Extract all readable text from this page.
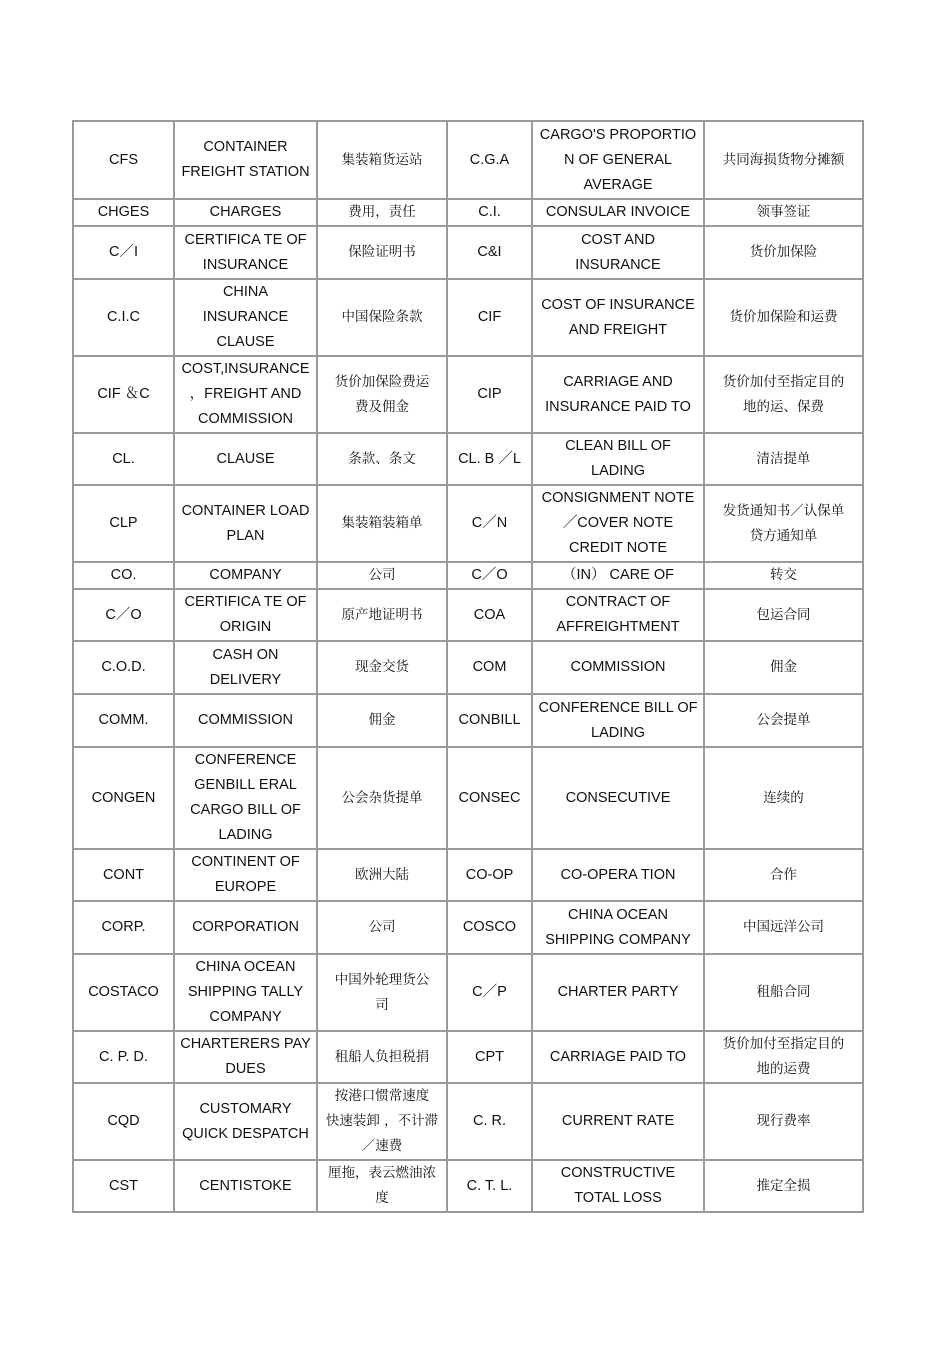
CFS	CONTAINER
FREIGHT STATION	集装箱货运站	C.G.A	CARGO'S PROPORTIO
N OF GENERAL
AVERAGE	共同海损货物分摊额
CHGES	CHARGES	费用，责任	C.I.	CONSULAR INVOICE	领事签证
C／I	CERTIFICA TE OF
INSURANCE	保险证明书	C&I	COST AND
INSURANCE	货价加保险
C.I.C	CHINA
INSURANCE
CLAUSE	中国保险条款	CIF	COST OF INSURANCE
AND FREIGHT	货价加保险和运费
CIF ＆C	COST,INSURANCE
，FREIGHT AND
COMMISSION	货价加保险费运
费及佣金	CIP	CARRIAGE AND
INSURANCE PAID TO	货价加付至指定目的
地的运、保费
CL.	CLAUSE	条款、条文	CL. B ／L	CLEAN BILL OF
LADING	清洁提单
CLP	CONTAINER LOAD
PLAN	集装箱装箱单	C／N	CONSIGNMENT NOTE
／COVER NOTE
CREDIT NOTE	发货通知书／认保单
贷方通知单
CO.	COMPANY	公司	C／O	（IN） CARE OF	转交
C／O	CERTIFICA TE OF
ORIGIN	原产地证明书	COA	CONTRACT OF
AFFREIGHTMENT	包运合同
C.O.D.	CASH ON
DELIVERY	现金交货	COM	COMMISSION	佣金
COMM.	COMMISSION	佣金	CONBILL	CONFERENCE BILL OF
LADING	公会提单
CONGEN	CONFERENCE
GENBILL ERAL
CARGO BILL OF
LADING	公会杂货提单	CONSEC	CONSECUTIVE	连续的
CONT	CONTINENT OF
EUROPE	欧洲大陆	CO-OP	CO-OPERA TION	合作
CORP.	CORPORATION	公司	COSCO	CHINA OCEAN
SHIPPING COMPANY	中国远洋公司
COSTACO	CHINA OCEAN
SHIPPING TALLY
COMPANY	中国外轮理货公
司	C／P	CHARTER PARTY	租船合同
C. P. D.	CHARTERERS PAY
DUES	租船人负担税捐	CPT	CARRIAGE PAID TO	货价加付至指定目的
地的运费
CQD	CUSTOMARY
QUICK DESPATCH	按港口惯常速度
快速装卸 ，不计滞
／速费	C. R.	CURRENT RATE	现行费率
CST	CENTISTOKE	厘拖，表云燃油浓
度	C. T. L.	CONSTRUCTIVE
TOTAL LOSS	推定全损
